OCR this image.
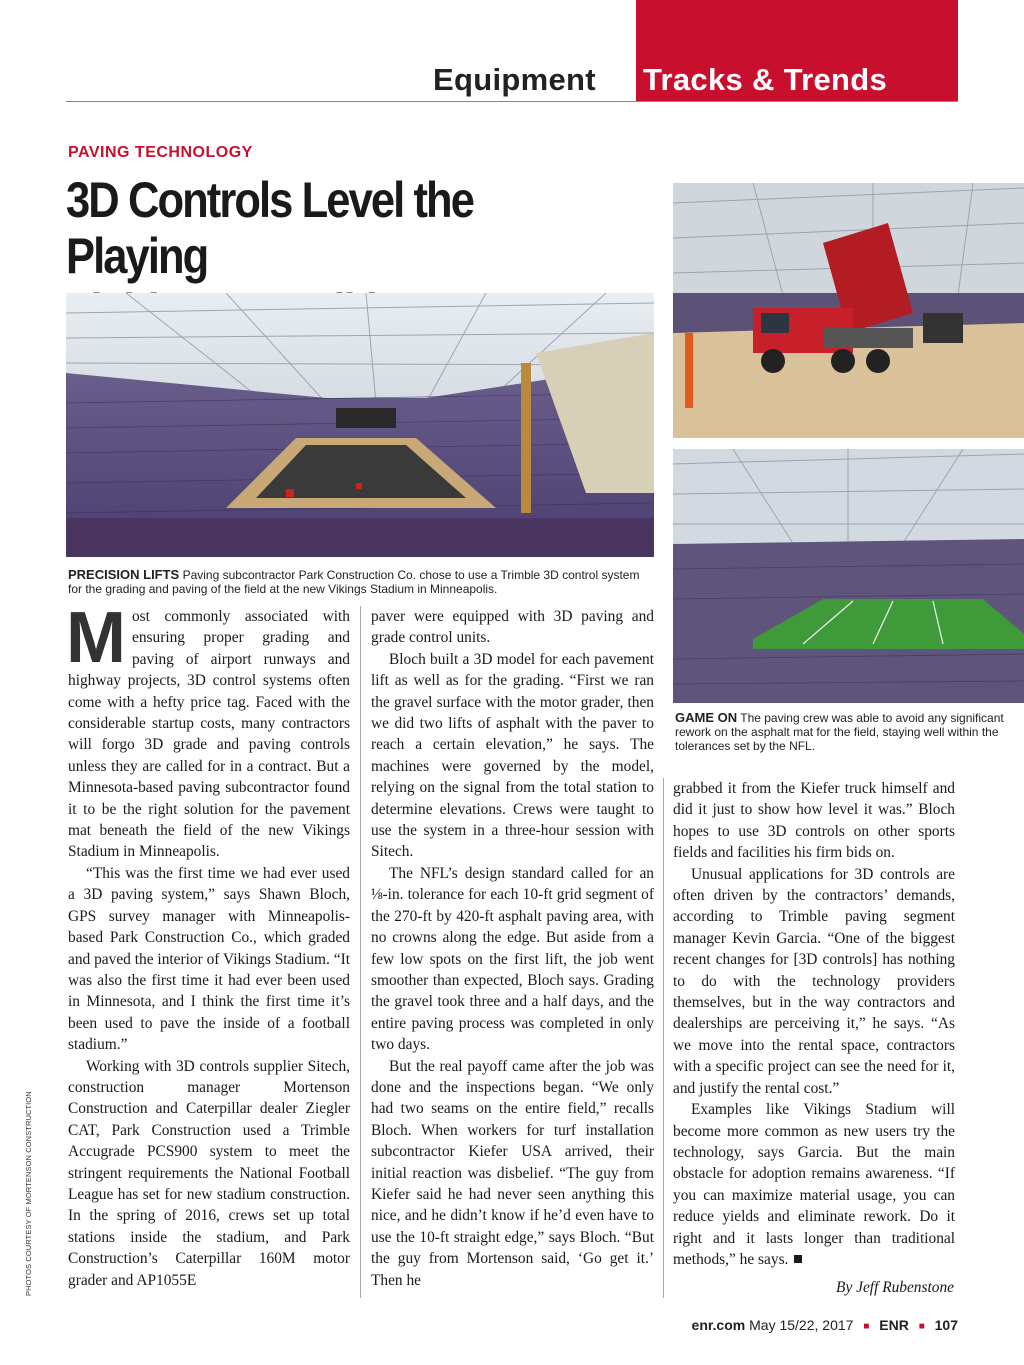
Equipment Tracks & Trends
PAVING TECHNOLOGY
3D Controls Level the Playing
PRECISION LIFTS Paving subcontractor Park Construction Co. chose to use a Trimble 3D control system for the grading and paving of the field at the new Vikings Stadium in Minneapolis.
GAME ON The paving crew was able to avoid any significant rework on the asphalt mat for the field, staying well within the tolerances set by the NFL.
PHOTOS COURTESY OF MORTENSON CONSTRUCTION

Most commonly associated with ensuring proper grading and paving of airport runways and highway projects, 3D control systems often come with a hefty price tag. Faced with the considerable startup costs, many contractors will forgo 3D grade and paving controls unless they are called for in a contract. But a Minnesota-based paving subcontractor found it to be the right solution for the pavement mat beneath the field of the new Vikings Stadium in Minneapolis.

“This was the first time we had ever used a 3D paving system,” says Shawn Bloch, GPS survey manager with Minneapolis-based Park Construction Co., which graded and paved the interior of Vikings Stadium. “It was also the first time it had ever been used in Minnesota, and I think the first time it’s been used to pave the inside of a football stadium.”

Working with 3D controls supplier Sitech, construction manager Mortenson Construction and Caterpillar dealer Ziegler CAT, Park Construction used a Trimble Accugrade PCS900 system to meet the stringent requirements the National Football League has set for new stadium construction. In the spring of 2016, crews set up total stations inside the stadium, and Park Construction’s Caterpillar 160M motor grader and AP1055E

paver were equipped with 3D paving and grade control units.

Bloch built a 3D model for each pavement lift as well as for the grading. “First we ran the gravel surface with the motor grader, then we did two lifts of asphalt with the paver to reach a certain elevation,” he says. The machines were governed by the model, relying on the signal from the total station to determine elevations. Crews were taught to use the system in a three-hour session with Sitech.

The NFL’s design standard called for an ⅛-in. tolerance for each 10-ft grid segment of the 270-ft by 420-ft asphalt paving area, with no crowns along the edge. But aside from a few low spots on the first lift, the job went smoother than expected, Bloch says. Grading the gravel took three and a half days, and the entire paving process was completed in only two days.

But the real payoff came after the job was done and the inspections began. “We only had two seams on the entire field,” recalls Bloch. When workers for turf installation subcontractor Kiefer USA arrived, their initial reaction was disbelief. “The guy from Kiefer said he had never seen anything this nice, and he didn’t know if he’d even have to use the 10-ft straight edge,” says Bloch. “But the guy from Mortenson said, ‘Go get it.’ Then he

grabbed it from the Kiefer truck himself and did it just to show how level it was.” Bloch hopes to use 3D controls on other sports fields and facilities his firm bids on.

Unusual applications for 3D controls are often driven by the contractors’ demands, according to Trimble paving segment manager Kevin Garcia. “One of the biggest recent changes for [3D controls] has nothing to do with the technology providers themselves, but in the way contractors and dealerships are perceiving it,” he says. “As we move into the rental space, contractors with a specific project can see the need for it, and justify the rental cost.”

Examples like Vikings Stadium will become more common as new users try the technology, says Garcia. But the main obstacle for adoption remains awareness. “If you can maximize material usage, you can reduce yields and eliminate rework. Do it right and it lasts longer than traditional methods,” he says.

By Jeff Rubenstone
enr.com May 15/22, 2017 ■ ENR ■ 107
